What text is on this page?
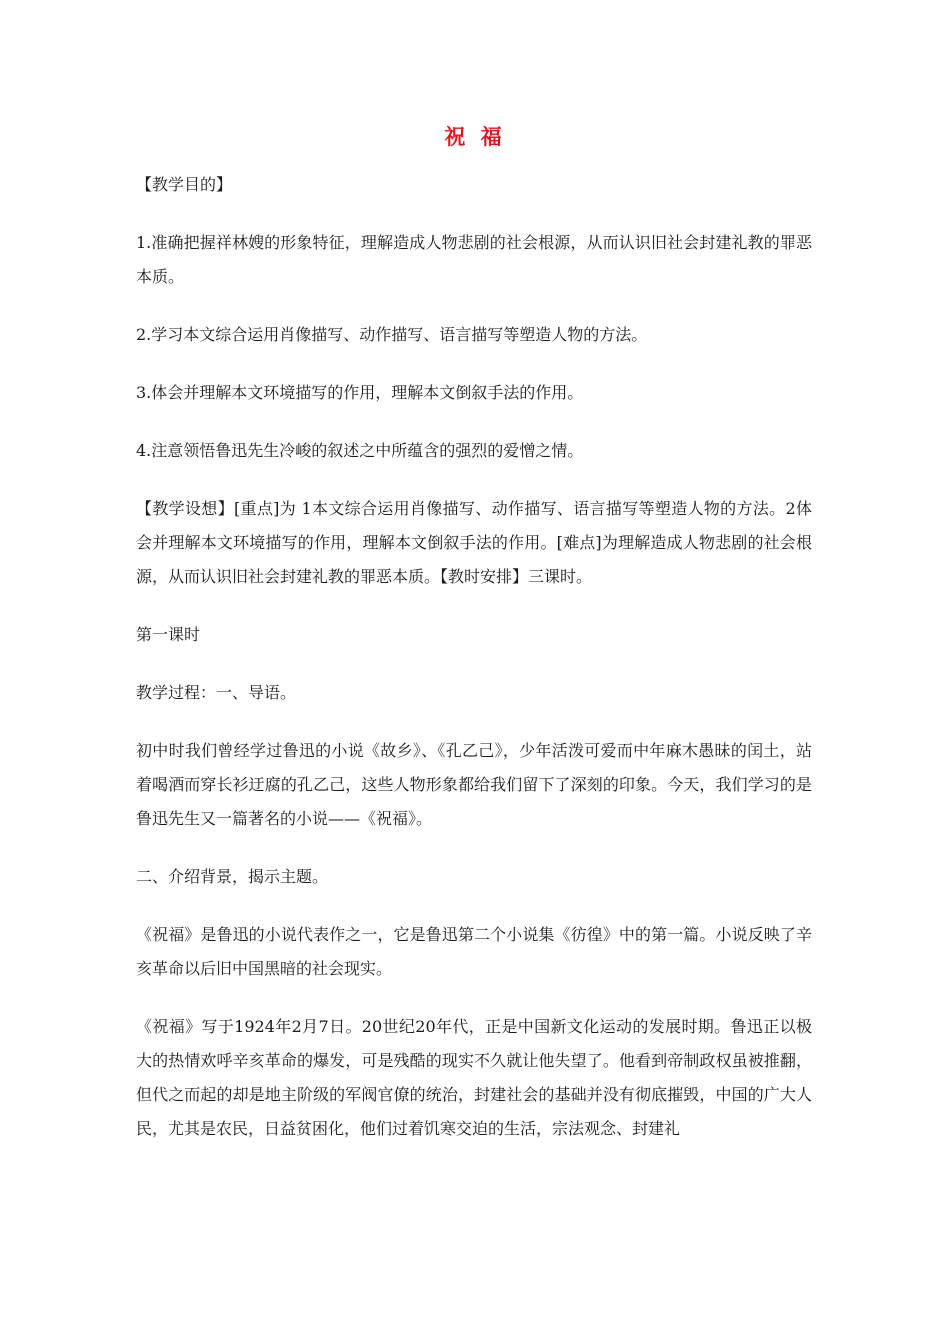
祝 福

【教学目的】

1.准确把握祥林嫂的形象特征，理解造成人物悲剧的社会根源，从而认识旧社会封建礼教的罪恶本质。

2.学习本文综合运用肖像描写、动作描写、语言描写等塑造人物的方法。

3.体会并理解本文环境描写的作用，理解本文倒叙手法的作用。

4.注意领悟鲁迅先生冷峻的叙述之中所蕴含的强烈的爱憎之情。

【教学设想】[重点]为 1本文综合运用肖像描写、动作描写、语言描写等塑造人物的方法。2体会并理解本文环境描写的作用，理解本文倒叙手法的作用。[难点]为理解造成人物悲剧的社会根源，从而认识旧社会封建礼教的罪恶本质。【教时安排】三课时。

第一课时

教学过程：一、导语。

初中时我们曾经学过鲁迅的小说《故乡》、《孔乙己》，少年活泼可爱而中年麻木愚昧的闰土，站着喝酒而穿长衫迂腐的孔乙己，这些人物形象都给我们留下了深刻的印象。今天，我们学习的是鲁迅先生又一篇著名的小说——《祝福》。

二、介绍背景，揭示主题。

《祝福》是鲁迅的小说代表作之一，它是鲁迅第二个小说集《彷徨》中的第一篇。小说反映了辛亥革命以后旧中国黑暗的社会现实。

《祝福》写于1924年2月7日。20世纪20年代，正是中国新文化运动的发展时期。鲁迅正以极大的热情欢呼辛亥革命的爆发，可是残酷的现实不久就让他失望了。他看到帝制政权虽被推翻，但代之而起的却是地主阶级的军阀官僚的统治，封建社会的基础并没有彻底摧毁，中国的广大人民，尤其是农民，日益贫困化，他们过着饥寒交迫的生活，宗法观念、封建礼
